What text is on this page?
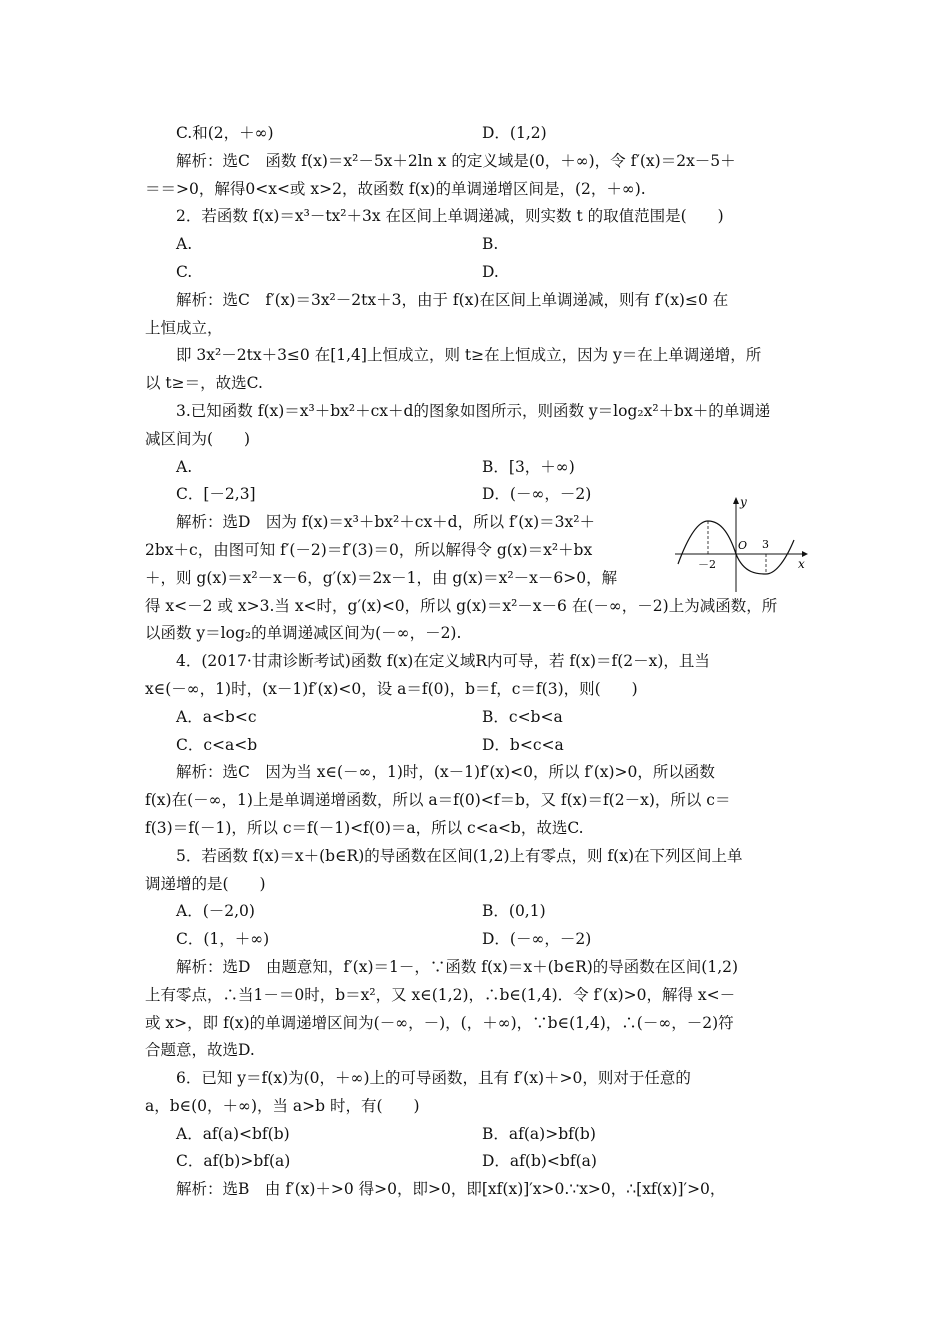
C.和(2，＋∞)	D．(1,2)
解析：选C　函数 f(x)＝x²－5x＋2ln x 的定义域是(0，＋∞)，令 f′(x)＝2x－5＋
＝＝>0，解得0<x<或 x>2，故函数 f(x)的单调递增区间是，(2，＋∞).
2．若函数 f(x)＝x³－tx²＋3x 在区间上单调递减，则实数 t 的取值范围是(　　)
A.	B.
C.	D.
解析：选C　f′(x)＝3x²－2tx＋3，由于 f(x)在区间上单调递减，则有 f′(x)≤0 在
上恒成立，
即 3x²－2tx＋3≤0 在[1,4]上恒成立，则 t≥在上恒成立，因为 y＝在上单调递增，所
以 t≥＝，故选C.
3.已知函数 f(x)＝x³＋bx²＋cx＋d的图象如图所示，则函数 y＝log₂x²＋bx＋的单调递
减区间为(　　)
A.	B．[3，＋∞)
C．[－2,3]	D．(－∞，－2)
解析：选D　因为 f(x)＝x³＋bx²＋cx＋d，所以 f′(x)＝3x²＋
2bx＋c，由图可知 f′(－2)＝f′(3)＝0，所以解得令 g(x)＝x²＋bx
＋，则 g(x)＝x²－x－6，g′(x)＝2x－1，由 g(x)＝x²－x－6>0，解
得 x<－2 或 x>3.当 x<时，g′(x)<0，所以 g(x)＝x²－x－6 在(－∞，－2)上为减函数，所
以函数 y＝log₂的单调递减区间为(－∞，－2).
4．(2017·甘肃诊断考试)函数 f(x)在定义域R内可导，若 f(x)＝f(2－x)，且当
x∈(－∞，1)时，(x－1)f′(x)<0，设 a＝f(0)，b＝f，c＝f(3)，则(　　)
A．a<b<c	B．c<b<a
C．c<a<b	D．b<c<a
解析：选C　因为当 x∈(－∞，1)时，(x－1)f′(x)<0，所以 f′(x)>0，所以函数
f(x)在(－∞，1)上是单调递增函数，所以 a＝f(0)<f＝b，又 f(x)＝f(2－x)，所以 c＝
f(3)＝f(－1)，所以 c＝f(－1)<f(0)＝a，所以 c<a<b，故选C.
5．若函数 f(x)＝x＋(b∈R)的导函数在区间(1,2)上有零点，则 f(x)在下列区间上单
调递增的是(　　)
A．(－2,0)	B．(0,1)
C．(1，＋∞)	D．(－∞，－2)
解析：选D　由题意知，f′(x)＝1－，∵函数 f(x)＝x＋(b∈R)的导函数在区间(1,2)
上有零点，∴当1－＝0时，b＝x²，又 x∈(1,2)，∴b∈(1,4)．令 f′(x)>0，解得 x<－
或 x>，即 f(x)的单调递增区间为(－∞，－)，(，＋∞)，∵b∈(1,4)，∴(－∞，－2)符
合题意，故选D.
6．已知 y＝f(x)为(0，＋∞)上的可导函数，且有 f′(x)＋>0，则对于任意的
a，b∈(0，＋∞)，当 a>b 时，有(　　)
A．af(a)<bf(b)	B．af(a)>bf(b)
C．af(b)>bf(a)	D．af(b)<bf(a)
解析：选B　由 f′(x)＋>0 得>0，即>0，即[xf(x)]′x>0.∵x>0，∴[xf(x)]′>0，
y
x
O
－2
3
